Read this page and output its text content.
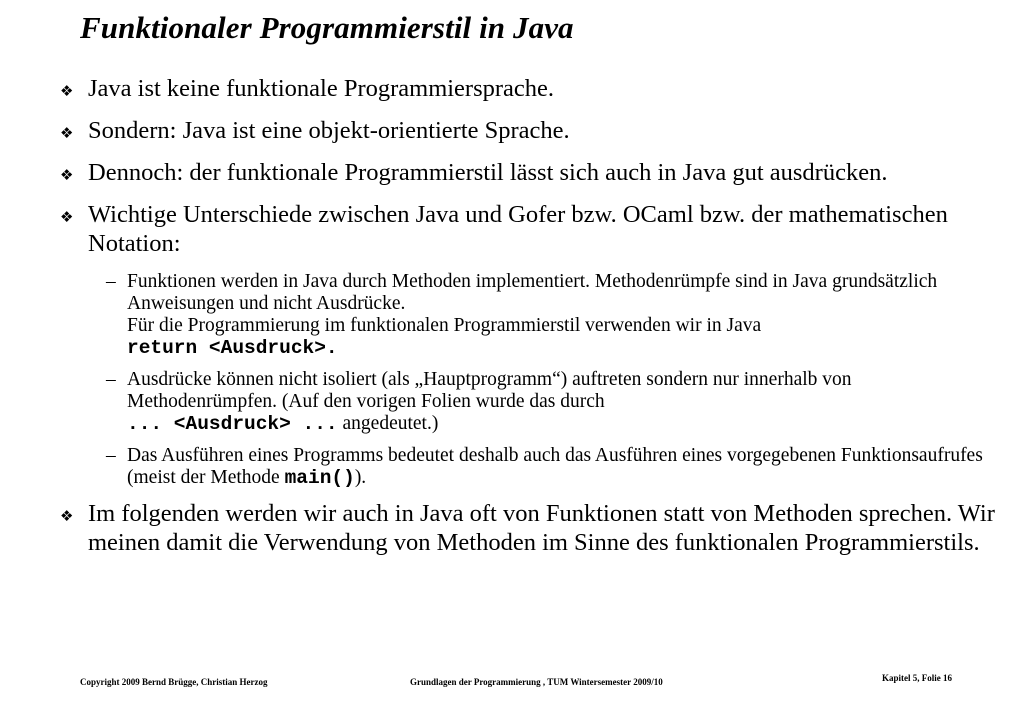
Funktionaler Programmierstil in Java
❖ Java ist keine funktionale Programmiersprache.
❖ Sondern: Java ist eine objekt-orientierte Sprache.
❖ Dennoch: der funktionale Programmierstil lässt sich auch in Java gut ausdrücken.
❖ Wichtige Unterschiede zwischen Java und Gofer bzw. OCaml bzw. der mathematischen Notation:
– Funktionen werden in Java durch Methoden implementiert. Methodenrümpfe sind in Java grundsätzlich Anweisungen und nicht Ausdrücke.
Für die Programmierung im funktionalen Programmierstil verwenden wir in Java
return <Ausdruck>.
– Ausdrücke können nicht isoliert (als „Hauptprogramm“) auftreten sondern nur innerhalb von Methodenrümpfen. (Auf den vorigen Folien wurde das durch
... <Ausdruck> ... angedeutet.)
– Das Ausführen eines Programms bedeutet deshalb auch das Ausführen eines vorgegebenen Funktionsaufrufes (meist der Methode main()).
❖ Im folgenden werden wir auch in Java oft von Funktionen statt von Methoden sprechen. Wir meinen damit die Verwendung von Methoden im Sinne des funktionalen Programmierstils.
Copyright 2009 Bernd Brügge, Christian Herzog	Grundlagen der Programmierung , TUM Wintersemester 2009/10	Kapitel 5, Folie 16
